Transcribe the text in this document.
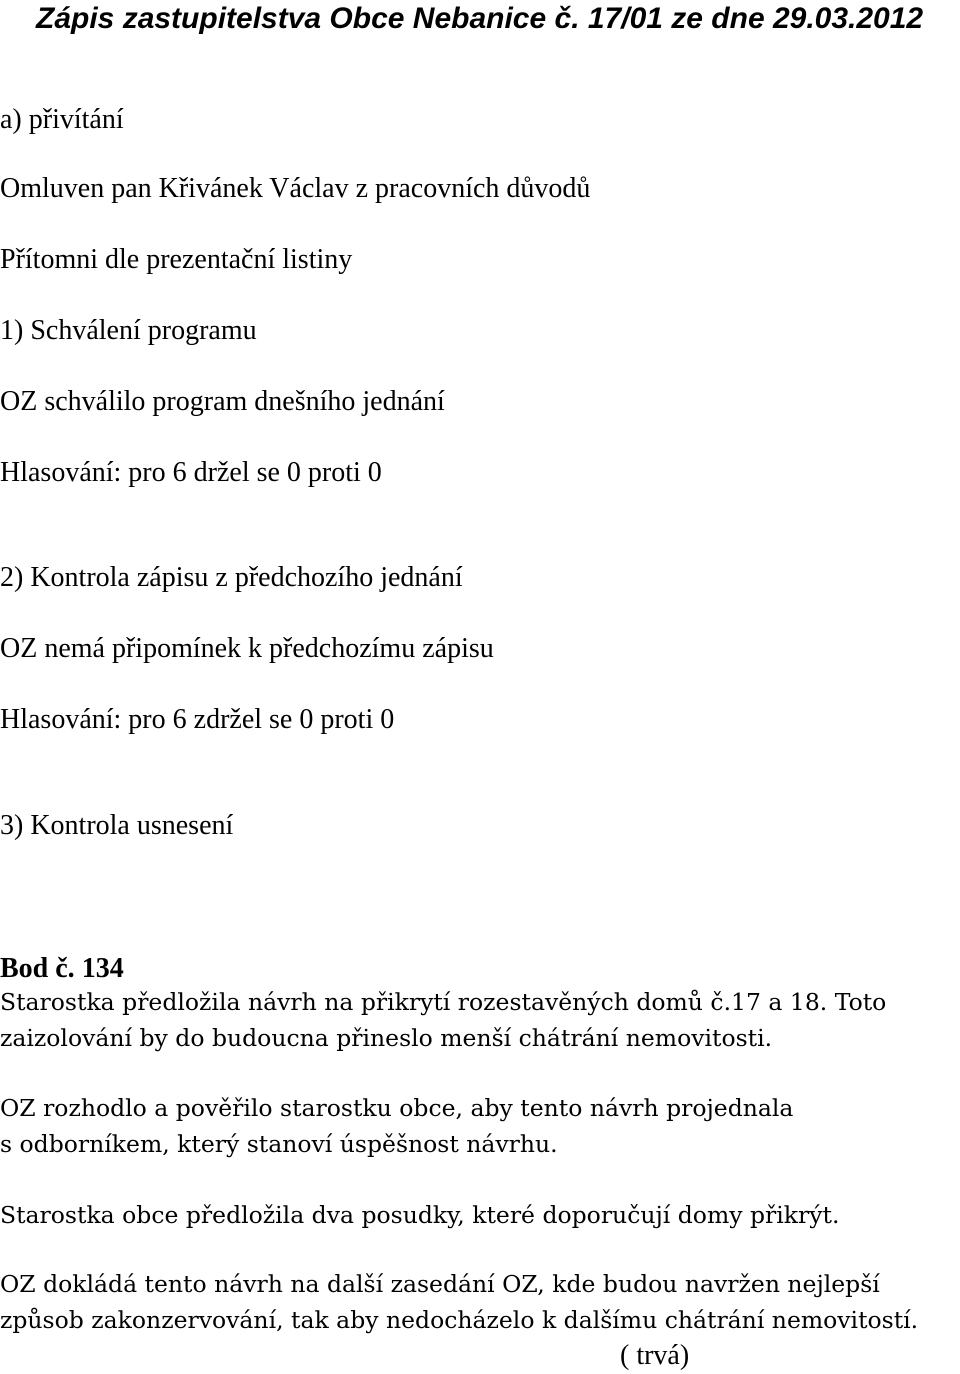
Zápis zastupitelstva Obce Nebanice č. 17/01 ze dne 29.03.2012
a) přivítání
Omluven pan Křivánek Václav z pracovních důvodů
Přítomni dle prezentační listiny
1) Schválení programu
OZ schválilo program dnešního jednání
Hlasování: pro 6 držel se 0 proti 0
2) Kontrola zápisu z předchozího jednání
OZ nemá připomínek k předchozímu zápisu
Hlasování: pro 6 zdržel se 0 proti 0
3) Kontrola usnesení
Bod č. 134
Starostka předložila návrh na přikrytí rozestavěných domů č.17 a 18. Toto
zaizolování by do budoucna přineslo menší chátrání nemovitosti.
OZ rozhodlo a pověřilo starostku obce, aby tento návrh projednala
s odborníkem, který stanoví úspěšnost návrhu.
Starostka obce předložila dva posudky, které doporučují domy přikrýt.
OZ dokládá tento návrh na další zasedání OZ, kde budou navržen nejlepší
způsob zakonzervování, tak aby nedocházelo k dalšímu chátrání nemovitostí.
( trvá)
